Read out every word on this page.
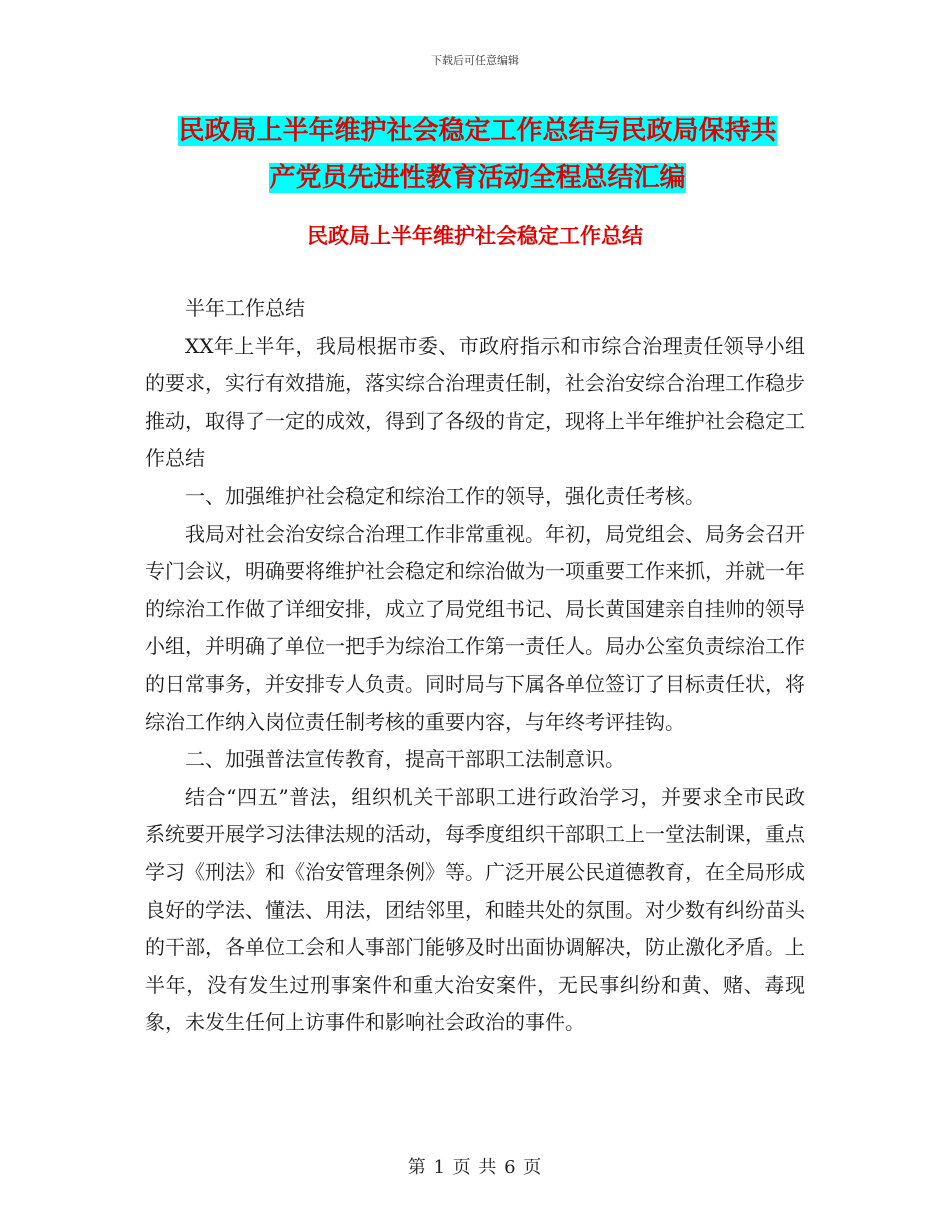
下载后可任意编辑
民政局上半年维护社会稳定工作总结与民政局保持共
产党员先进性教育活动全程总结汇编
民政局上半年维护社会稳定工作总结

半年工作总结

XX年上半年，我局根据市委、市政府指示和市综合治理责任领导小组的要求，实行有效措施，落实综合治理责任制，社会治安综合治理工作稳步推动，取得了一定的成效，得到了各级的肯定，现将上半年维护社会稳定工作总结

一、加强维护社会稳定和综治工作的领导，强化责任考核。

我局对社会治安综合治理工作非常重视。年初，局党组会、局务会召开专门会议，明确要将维护社会稳定和综治做为一项重要工作来抓，并就一年的综治工作做了详细安排，成立了局党组书记、局长黄国建亲自挂帅的领导小组，并明确了单位一把手为综治工作第一责任人。局办公室负责综治工作的日常事务，并安排专人负责。同时局与下属各单位签订了目标责任状，将综治工作纳入岗位责任制考核的重要内容，与年终考评挂钩。

二、加强普法宣传教育，提高干部职工法制意识。

结合“四五”普法，组织机关干部职工进行政治学习，并要求全市民政系统要开展学习法律法规的活动，每季度组织干部职工上一堂法制课，重点学习《刑法》和《治安管理条例》等。广泛开展公民道德教育，在全局形成良好的学法、懂法、用法，团结邻里，和睦共处的氛围。对少数有纠纷苗头的干部，各单位工会和人事部门能够及时出面协调解决，防止激化矛盾。上半年，没有发生过刑事案件和重大治安案件，无民事纠纷和黄、赌、毒现象，未发生任何上访事件和影响社会政治的事件。

第 1 页 共 6 页
